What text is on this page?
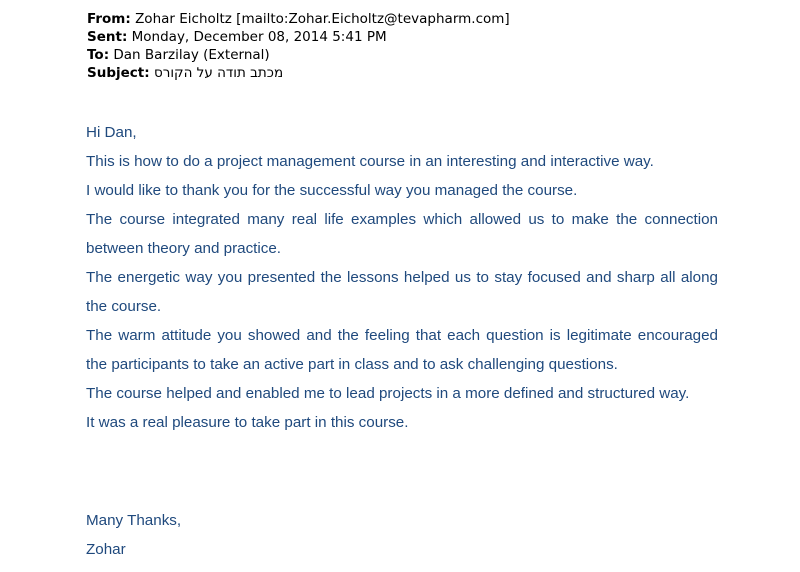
From: Zohar Eicholtz [mailto:Zohar.Eicholtz@tevapharm.com]
Sent: Monday, December 08, 2014 5:41 PM
To: Dan Barzilay (External)
Subject: מכתב תודה על הקורס

Hi Dan,

This is how to do a project management course in an interesting and interactive way.

I would like to thank you for the successful way you managed the course.

The course integrated many real life examples which allowed us to make the connection between theory and practice.

The energetic way you presented the lessons helped us to stay focused and sharp all along the course.

The warm attitude you showed and the feeling that each question is legitimate encouraged the participants to take an active part in class and to ask challenging questions.

The course helped and enabled me to lead projects in a more defined and structured way.

It was a real pleasure to take part in this course.

Many Thanks,
Zohar
